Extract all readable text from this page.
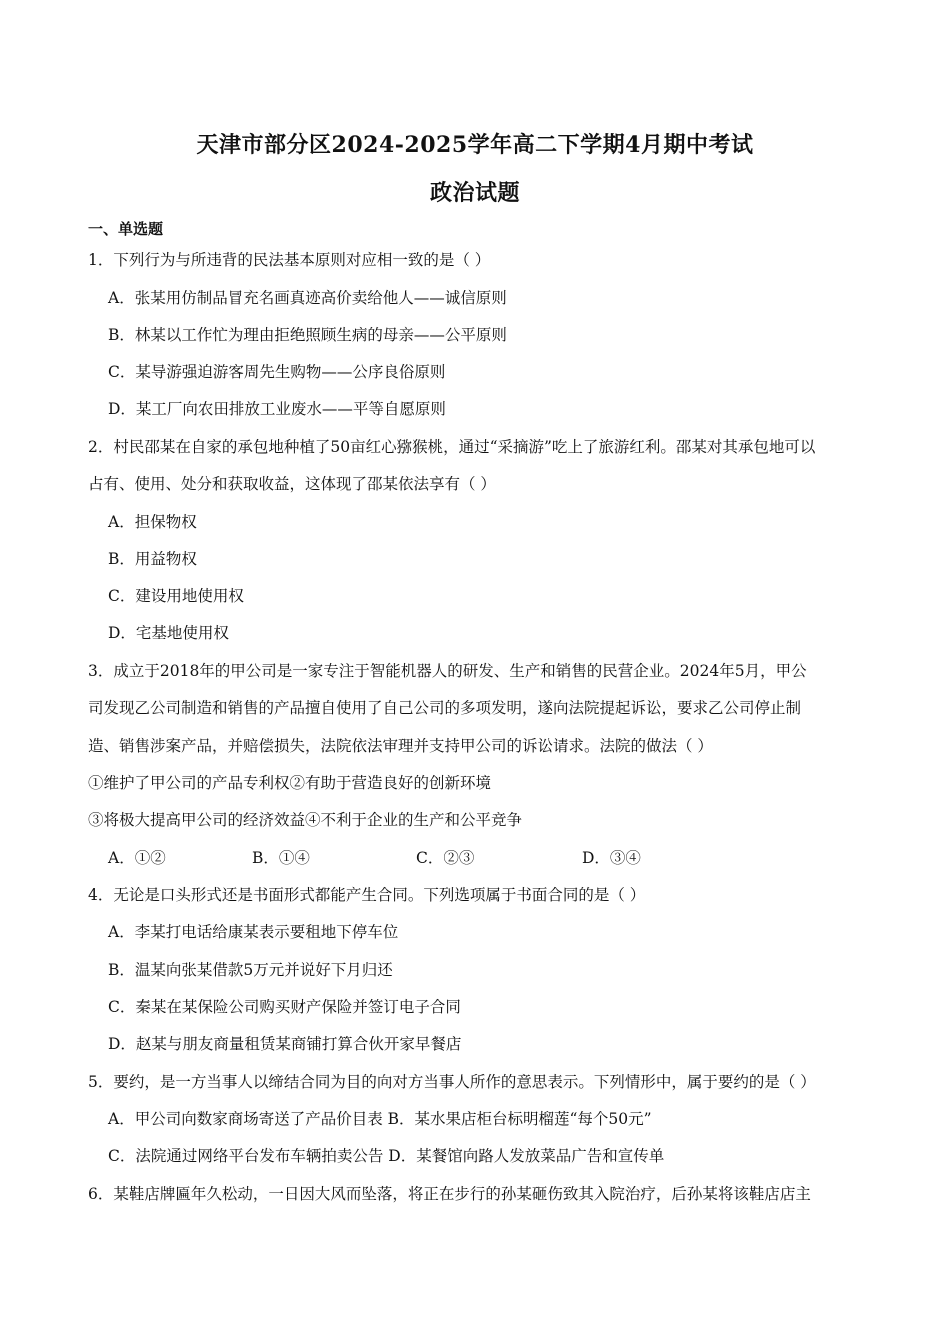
天津市部分区2024-2025学年高二下学期4月期中考试
政治试题
一、单选题
1．下列行为与所违背的民法基本原则对应相一致的是（ ）
A．张某用仿制品冒充名画真迹高价卖给他人——诚信原则
B．林某以工作忙为理由拒绝照顾生病的母亲——公平原则
C．某导游强迫游客周先生购物——公序良俗原则
D．某工厂向农田排放工业废水——平等自愿原则
2．村民邵某在自家的承包地种植了50亩红心猕猴桃，通过“采摘游”吃上了旅游红利。邵某对其承包地可以
占有、使用、处分和获取收益，这体现了邵某依法享有（ ）
A．担保物权
B．用益物权
C．建设用地使用权
D．宅基地使用权
3．成立于2018年的甲公司是一家专注于智能机器人的研发、生产和销售的民营企业。2024年5月，甲公
司发现乙公司制造和销售的产品擅自使用了自己公司的多项发明，遂向法院提起诉讼，要求乙公司停止制
造、销售涉案产品，并赔偿损失，法院依法审理并支持甲公司的诉讼请求。法院的做法（ ）
①维护了甲公司的产品专利权②有助于营造良好的创新环境
③将极大提高甲公司的经济效益④不利于企业的生产和公平竞争
A．①②	B．①④	C．②③	D．③④
4．无论是口头形式还是书面形式都能产生合同。下列选项属于书面合同的是（ ）
A．李某打电话给康某表示要租地下停车位
B．温某向张某借款5万元并说好下月归还
C．秦某在某保险公司购买财产保险并签订电子合同
D．赵某与朋友商量租赁某商铺打算合伙开家早餐店
5．要约，是一方当事人以缔结合同为目的向对方当事人所作的意思表示。下列情形中，属于要约的是（ ）
A．甲公司向数家商场寄送了产品价目表 B．某水果店柜台标明榴莲“每个50元”
C．法院通过网络平台发布车辆拍卖公告 D．某餐馆向路人发放菜品广告和宣传单
6．某鞋店牌匾年久松动，一日因大风而坠落，将正在步行的孙某砸伤致其入院治疗，后孙某将该鞋店店主
